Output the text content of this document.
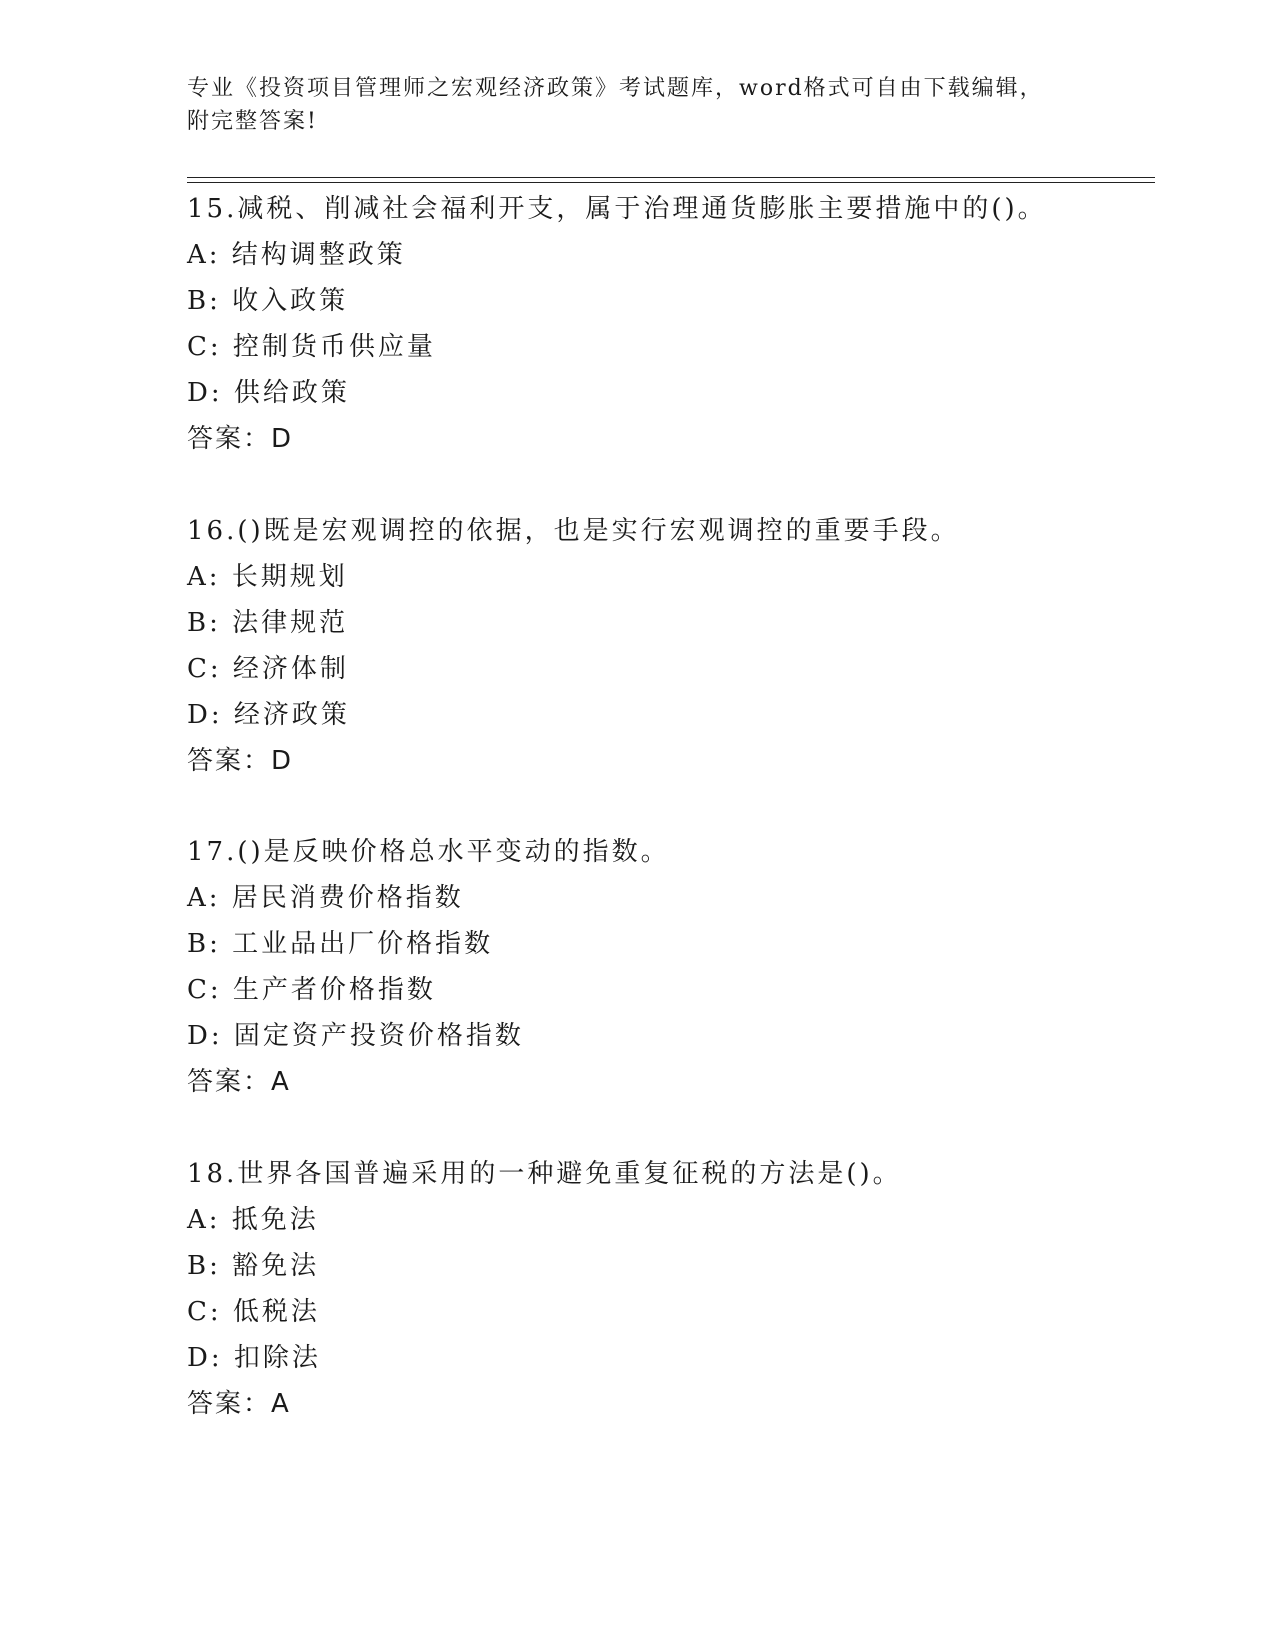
专业《投资项目管理师之宏观经济政策》考试题库，word格式可自由下载编辑，
附完整答案!
15.减税、削减社会福利开支，属于治理通货膨胀主要措施中的()。
A: 结构调整政策
B: 收入政策
C: 控制货币供应量
D: 供给政策
答案：D
16.()既是宏观调控的依据，也是实行宏观调控的重要手段。
A: 长期规划
B: 法律规范
C: 经济体制
D: 经济政策
答案：D
17.()是反映价格总水平变动的指数。
A: 居民消费价格指数
B: 工业品出厂价格指数
C: 生产者价格指数
D: 固定资产投资价格指数
答案：A
18.世界各国普遍采用的一种避免重复征税的方法是()。
A: 抵免法
B: 豁免法
C: 低税法
D: 扣除法
答案：A
